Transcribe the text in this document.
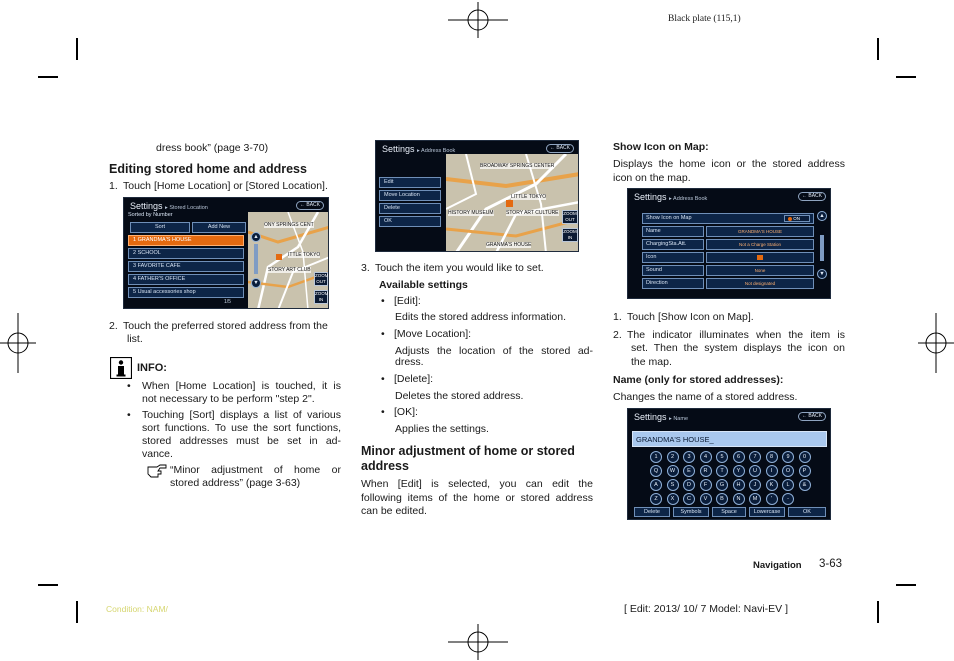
Black plate (115,1)
dress book” (page 3-70)
Editing stored home and address
1. Touch [Home Location] or [Stored Location].
Settings ▸ Stored Location	← BACK
Sorted by Number
Sort	Add New
1 GRANDMA'S HOUSE
2 SCHOOL
3 FAVORITE CAFE
4 FATHER'S OFFICE
5 Usual accessories shop
1/5
ONY SPRINGS CENT
ITTLE TOKYO
STORY ART CLUB
ZOOM OUT
ZOOM IN
▲
▼
2. Touch the preferred stored address from the
list.
INFO:
• When [Home Location] is touched, it is
not necessary to be perform "step 2".
• Touching [Sort] displays a list of various
sort functions. To use the sort functions,
stored addresses must be set in ad-
vance.
“Minor adjustment of home or
stored address” (page 3-63)
Settings ▸ Address Book	← BACK
Edit
Move Location
Delete
OK
BROADWAY SPRINGS CENTER
LITTLE TOKYO
HISTORY MUSEUM STORY ART CULTURE
GRANMA'S HOUSE
ZOOM OUT
ZOOM IN
3. Touch the item you would like to set.
Available settings
• [Edit]:
Edits the stored address information.
• [Move Location]:
Adjusts the location of the stored ad-
dress.
• [Delete]:
Deletes the stored address.
• [OK]:
Applies the settings.
Minor adjustment of home or stored
address
When [Edit] is selected, you can edit the
following items of the home or stored address
can be edited.
Show Icon on Map:
Displays the home icon or the stored address
icon on the map.
Settings ▸ Address Book	← BACK
Show Icon on Map	ON
Name	GRANDMA'S HOUSE
ChargingSta.Att.	Not a Charge Station
Icon
Sound	None
Direction	Not designated
▲
▼
1. Touch [Show Icon on Map].
2. The indicator illuminates when the item is
set. Then the system displays the icon on
the map.
Name (only for stored addresses):
Changes the name of a stored address.
Settings ▸ Name	← BACK
GRANDMA'S HOUSE_
1	2	3	4	5	6	7	8	9	0
Q	W	E	R	T	Y	U	I	O	P
A	S	D	F	G	H	J	K	L	&
Z	X	C	V	B	N	M	'	-
Delete	Symbols	Space	Lowercase	OK
Navigation 3-63
Condition: NAM/	[ Edit: 2013/ 10/ 7 Model: Navi-EV ]
